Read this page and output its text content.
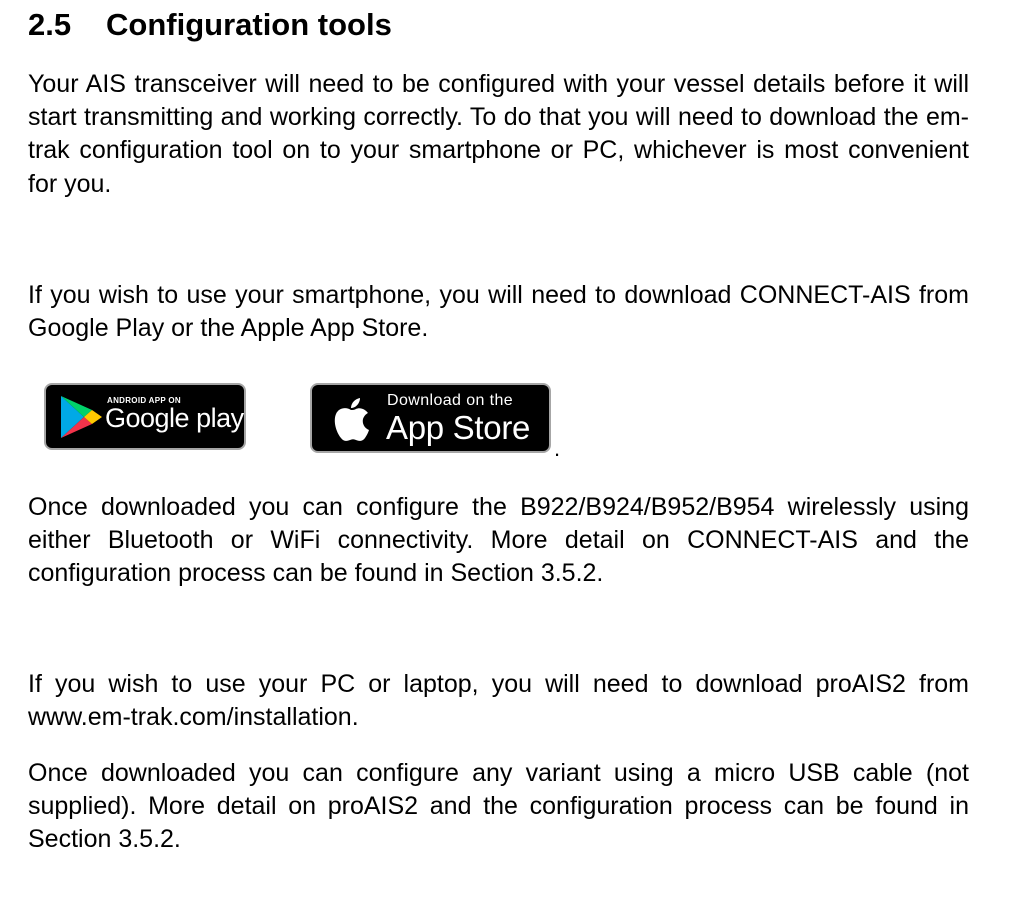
2.5 Configuration tools

Your AIS transceiver will need to be configured with your vessel details before it will start transmitting and working correctly. To do that you will need to download the em-trak configuration tool on to your smartphone or PC, whichever is most convenient for you.

If you wish to use your smartphone, you will need to download CONNECT-AIS from Google Play or the Apple App Store.

ANDROID APP ON
Google play
Download on the
App Store
.

Once downloaded you can configure the B922/B924/B952/B954 wirelessly using either Bluetooth or WiFi connectivity. More detail on CONNECT-AIS and the configuration process can be found in Section 3.5.2.

If you wish to use your PC or laptop, you will need to download proAIS2 from www.em-trak.com/installation.

Once downloaded you can configure any variant using a micro USB cable (not supplied). More detail on proAIS2 and the configuration process can be found in Section 3.5.2.
